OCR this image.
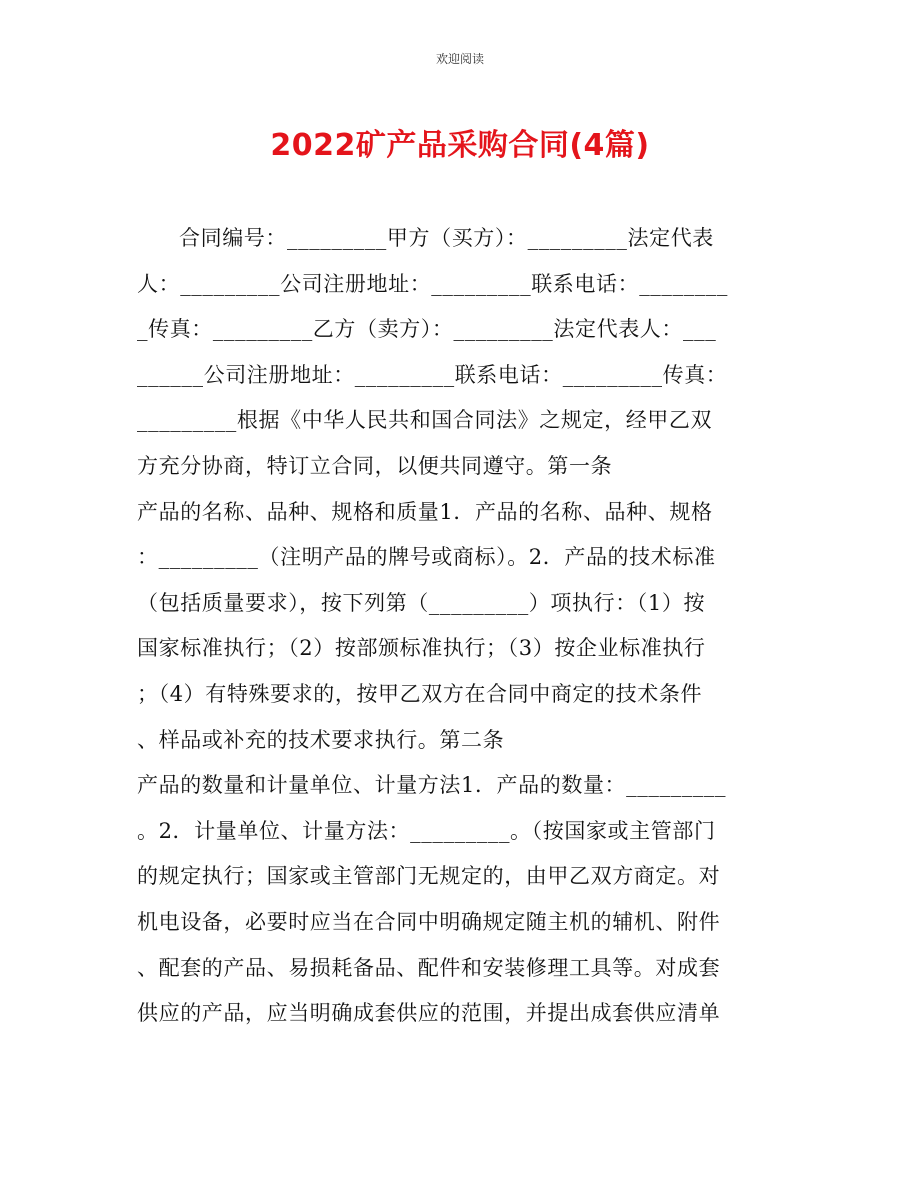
欢迎阅读
2022矿产品采购合同(4篇)
合同编号：_________甲方（买方）：_________法定代表
人：_________公司注册地址：_________联系电话：________
_传真：_________乙方（卖方）：_________法定代表人：___
______公司注册地址：_________联系电话：_________传真：
_________根据《中华人民共和国合同法》之规定，经甲乙双
方充分协商，特订立合同，以便共同遵守。第一条
产品的名称、品种、规格和质量1．产品的名称、品种、规格
：_________（注明产品的牌号或商标）。2．产品的技术标准
（包括质量要求），按下列第（_________）项执行：（1）按
国家标准执行；（2）按部颁标准执行；（3）按企业标准执行
；（4）有特殊要求的，按甲乙双方在合同中商定的技术条件
、样品或补充的技术要求执行。第二条
产品的数量和计量单位、计量方法1．产品的数量：_________
。2．计量单位、计量方法：_________。（按国家或主管部门
的规定执行；国家或主管部门无规定的，由甲乙双方商定。对
机电设备，必要时应当在合同中明确规定随主机的辅机、附件
、配套的产品、易损耗备品、配件和安装修理工具等。对成套
供应的产品，应当明确成套供应的范围，并提出成套供应清单
